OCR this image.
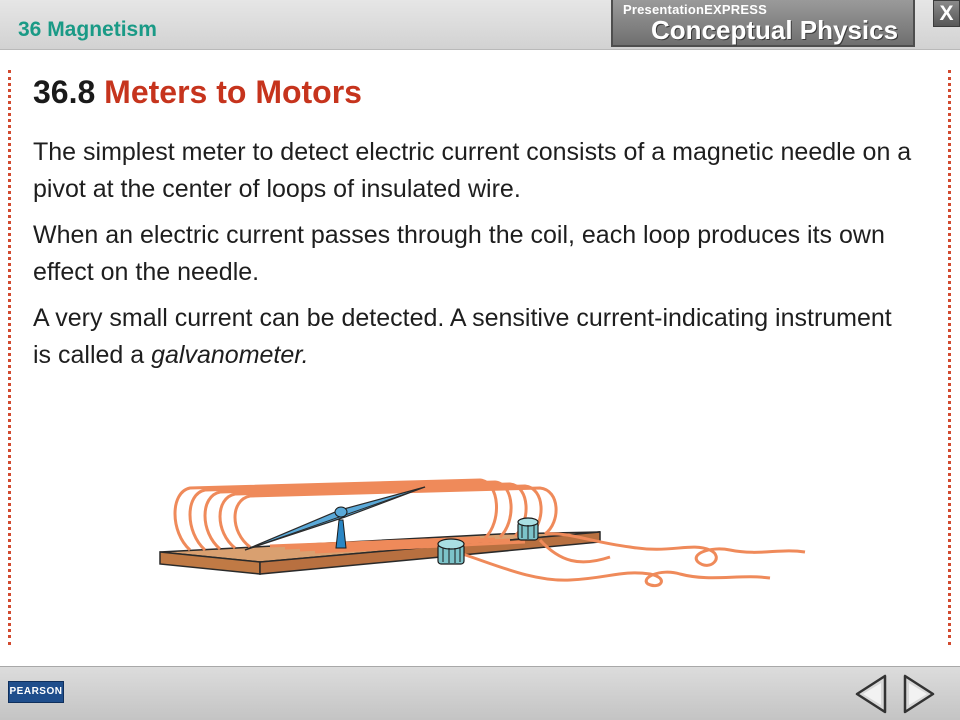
36 Magnetism
PresentationEXPRESS
Conceptual Physics
X
36.8 Meters to Motors

The simplest meter to detect electric current consists of a magnetic needle on a pivot at the center of loops of insulated wire.

When an electric current passes through the coil, each loop produces its own effect on the needle.

A very small current can be detected. A sensitive current-indicating instrument is called a galvanometer.

PEARSON
